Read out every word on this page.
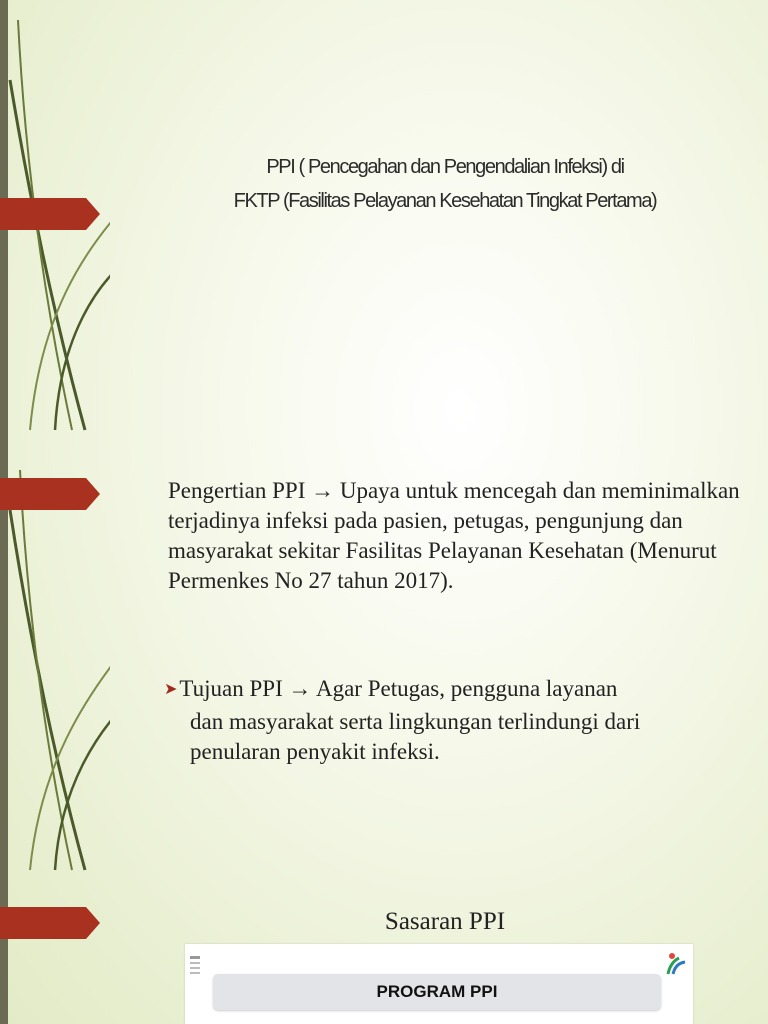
PPI ( Pencegahan dan Pengendalian Infeksi) di
FKTP (Fasilitas Pelayanan Kesehatan Tingkat Pertama)
Pengertian PPI → Upaya untuk mencegah dan meminimalkan terjadinya infeksi pada pasien, petugas, pengunjung dan masyarakat sekitar Fasilitas Pelayanan Kesehatan (Menurut Permenkes No 27 tahun 2017).
➤Tujuan PPI → Agar Petugas, pengguna layanan
dan masyarakat serta lingkungan terlindungi dari penularan penyakit infeksi.
Sasaran PPI
PROGRAM PPI
